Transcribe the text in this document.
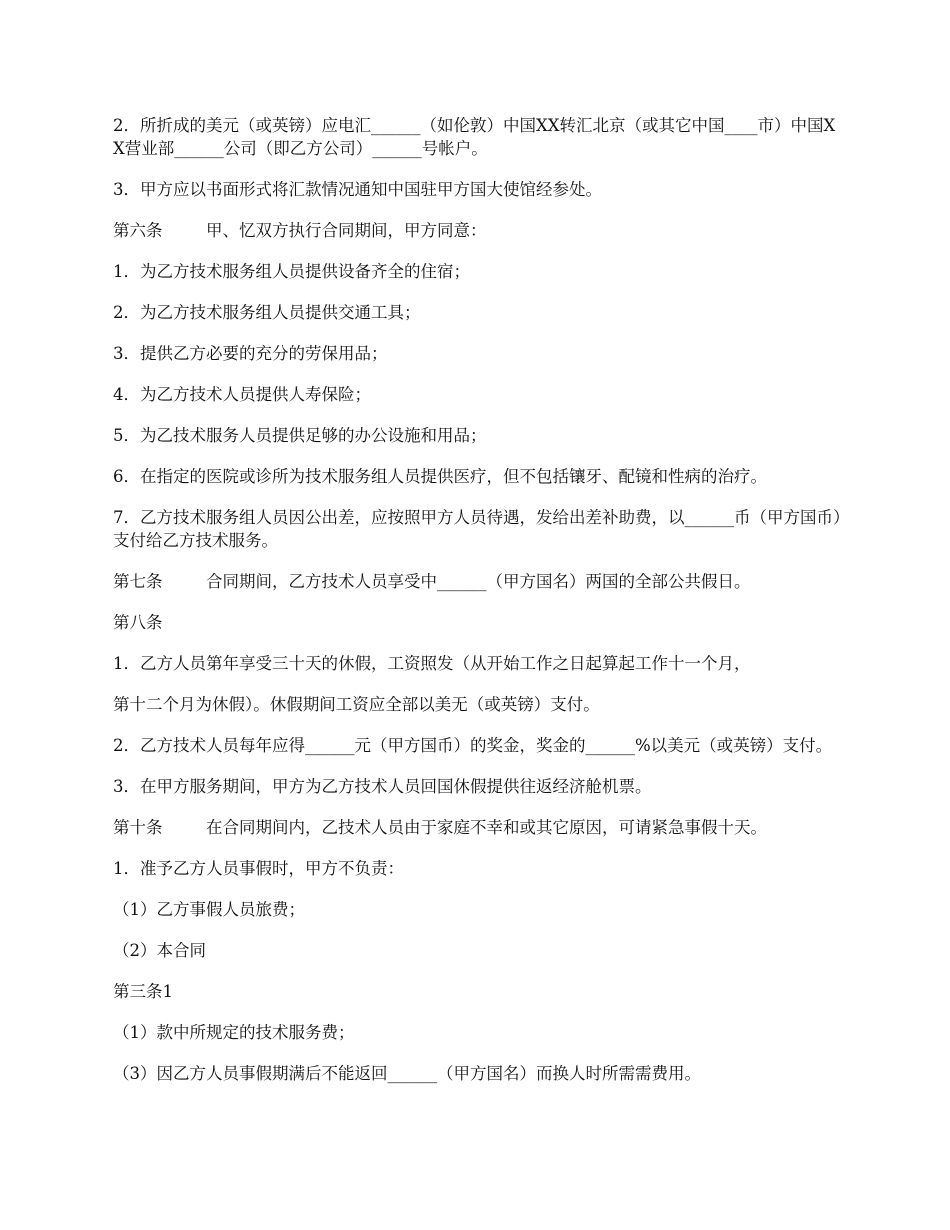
2．所折成的美元（或英镑）应电汇______（如伦敦）中国XX转汇北京（或其它中国____市）中国XX营业部______公司（即乙方公司）______号帐户。

3．甲方应以书面形式将汇款情况通知中国驻甲方国大使馆经参处。

第六条	甲、忆双方执行合同期间，甲方同意：

1．为乙方技术服务组人员提供设备齐全的住宿；

2．为乙方技术服务组人员提供交通工具；

3．提供乙方必要的充分的劳保用品；

4．为乙方技术人员提供人寿保险；

5．为乙技术服务人员提供足够的办公设施和用品；

6．在指定的医院或诊所为技术服务组人员提供医疗，但不包括镶牙、配镜和性病的治疗。

7．乙方技术服务组人员因公出差，应按照甲方人员待遇，发给出差补助费，以______币（甲方国币）支付给乙方技术服务。

第七条	合同期间，乙方技术人员享受中______（甲方国名）两国的全部公共假日。

第八条

1．乙方人员第年享受三十天的休假，工资照发（从开始工作之日起算起工作十一个月，

第十二个月为休假）。休假期间工资应全部以美无（或英镑）支付。

2．乙方技术人员每年应得______元（甲方国币）的奖金，奖金的______%以美元（或英镑）支付。

3．在甲方服务期间，甲方为乙方技术人员回国休假提供往返经济舱机票。

第十条	在合同期间内，乙技术人员由于家庭不幸和或其它原因，可请紧急事假十天。

1．准予乙方人员事假时，甲方不负责：

（1）乙方事假人员旅费；

（2）本合同

第三条1

（1）款中所规定的技术服务费；

（3）因乙方人员事假期满后不能返回______（甲方国名）而换人时所需需费用。
